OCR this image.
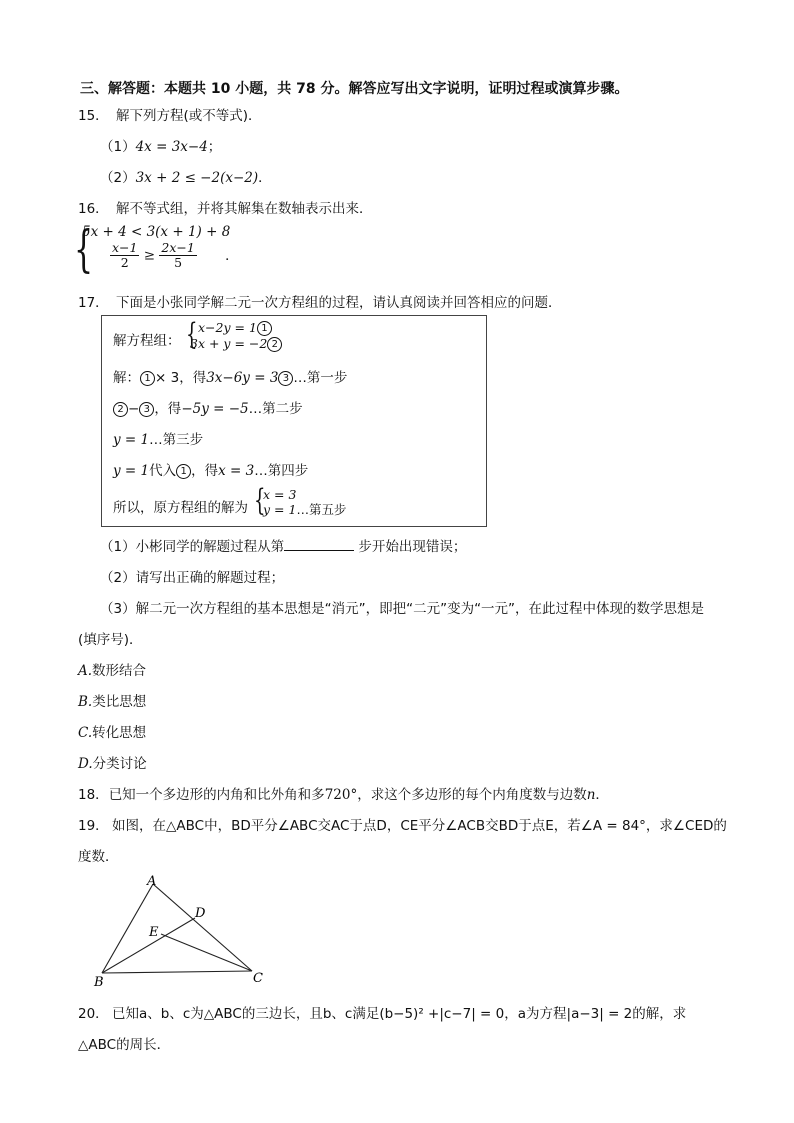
三、解答题：本题共 10 小题，共 78 分。解答应写出文字说明，证明过程或演算步骤。
15． 解下列方程(或不等式)．
（1）4x = 3x−4；
（2）3x + 2 ≤ −2(x−2)．
16． 解不等式组，并将其解集在数轴表示出来．
{
5x + 4 < 3(x + 1) + 8
$\frac{x-1}{2} \ge \frac{2x-1}{5}$ ．
17． 下面是小张同学解二元一次方程组的过程，请认真阅读并回答相应的问题．
解方程组： { x−2y = 1 1
3x + y = −2 2
解： 1 × 3，得3x−6y = 3 3 …第一步
2 − 3 ，得−5y = −5…第二步
y = 1…第三步
y = 1代入 1 ，得x = 3…第四步
所以，原方程组的解为 {
x = 3
y = 1…第五步
（1）小彬同学的解题过程从第	步开始出现错误；
（2）请写出正确的解题过程；
（3）解二元一次方程组的基本思想是“消元”，即把“二元”变为“一元”，在此过程中体现的数学思想是
(填序号)．
A.数形结合
B.类比思想
C.转化思想
D.分类讨论
18．已知一个多边形的内角和比外角和多720°，求这个多边形的每个内角度数与边数n．
19． 如图，在△ABC中，BD平分∠ABC交AC于点D，CE平分∠ACB交BD于点E，若∠A = 84°，求∠CED的
度数．
A
B	C
D
E
20． 已知a、b、c为△ABC的三边长，且b、c满足(b−5)² +|c−7| = 0，a为方程|a−3| = 2的解，求
△ABC的周长．
